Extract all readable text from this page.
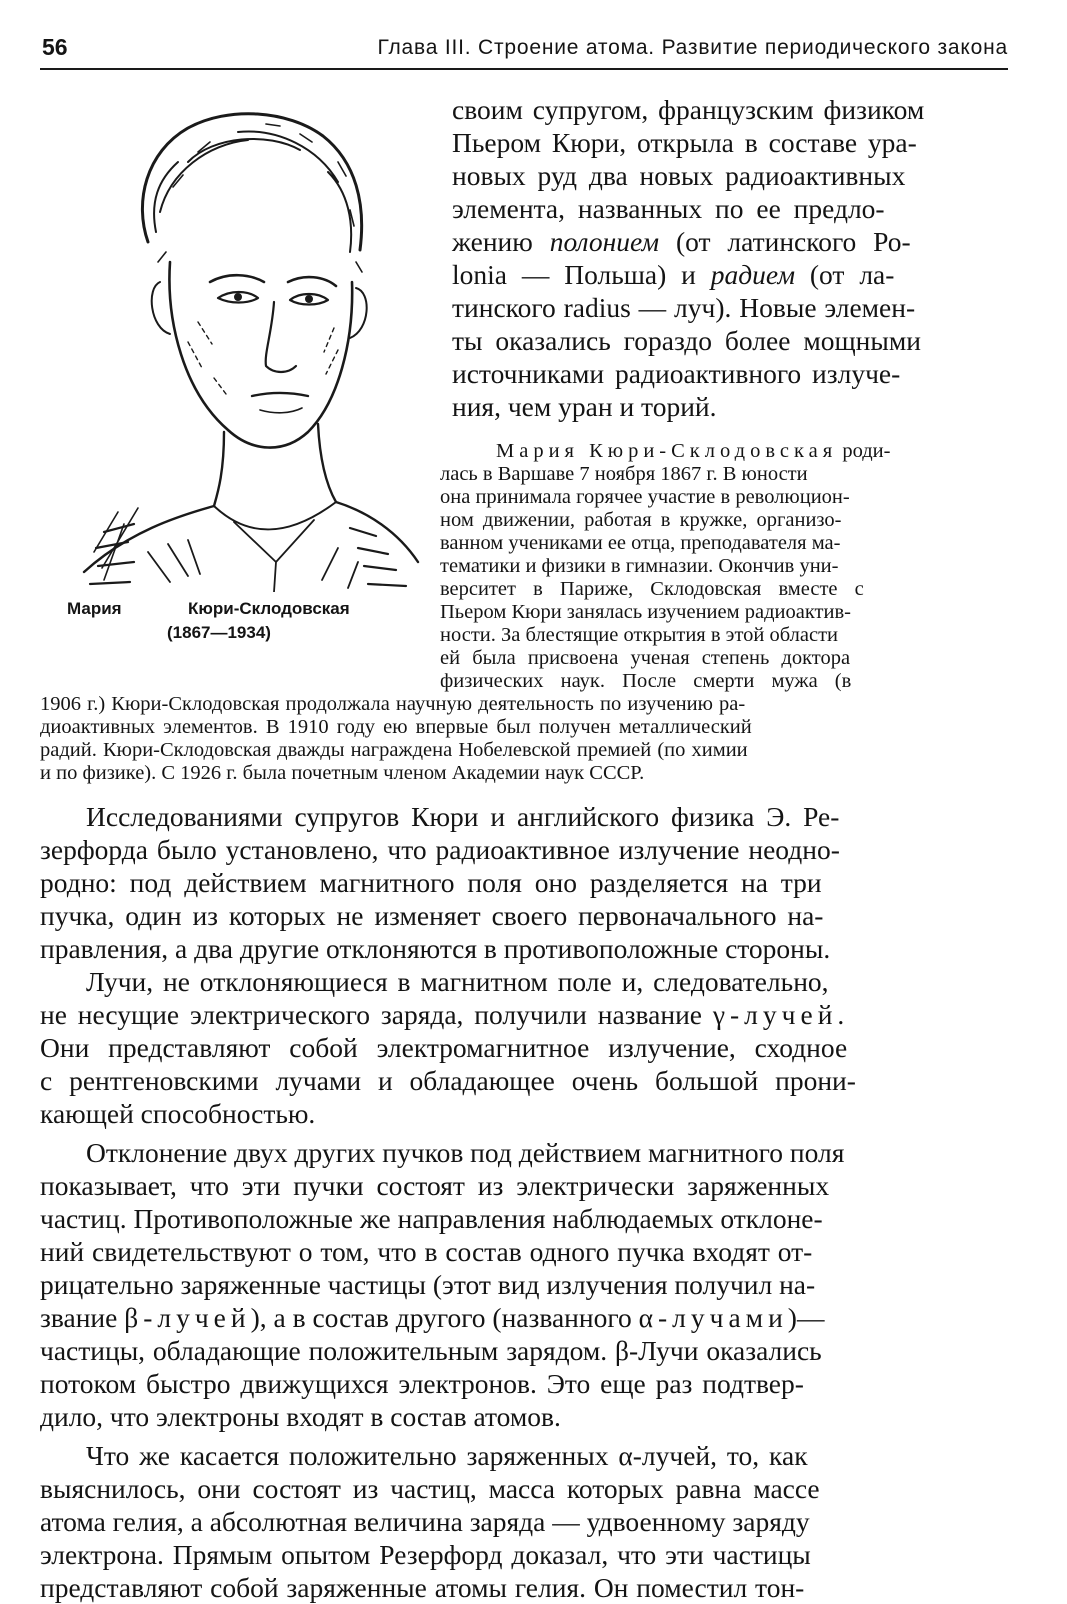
56	Глава III. Строение атома. Развитие периодического закона
Мария	Кюри-Склодовская
(1867—1934)
своим супругом, французским физиком
Пьером Кюри, открыла в составе ура-
новых руд два новых радиоактивных
элемента, названных по ее предло-
жению полонием (от латинского Ро-
lonia — Польша) и радием (от ла-
тинского radius — луч). Новые элемен-
ты оказались гораздо более мощными
источниками радиоактивного излуче-
ния, чем уран и торий.
Мария Кюри-Склодовская роди-
лась в Варшаве 7 ноября 1867 г. В юности
она принимала горячее участие в революцион-
ном движении, работая в кружке, организо-
ванном учениками ее отца, преподавателя ма-
тематики и физики в гимназии. Окончив уни-
верситет в Париже, Склодовская вместе с
Пьером Кюри занялась изучением радиоактив-
ности. За блестящие открытия в этой области
ей была присвоена ученая степень доктора
физических наук. После смерти мужа (в
1906 г.) Кюри-Склодовская продолжала научную деятельность по изучению ра-
диоактивных элементов. В 1910 году ею впервые был получен металлический
радий. Кюри-Склодовская дважды награждена Нобелевской премией (по химии
и по физике). С 1926 г. была почетным членом Академии наук СССР.
Исследованиями супругов Кюри и английского физика Э. Ре-
зерфорда было установлено, что радиоактивное излучение неодно-
родно: под действием магнитного поля оно разделяется на три
пучка, один из которых не изменяет своего первоначального на-
правления, а два другие отклоняются в противоположные стороны.
Лучи, не отклоняющиеся в магнитном поле и, следовательно,
не несущие электрического заряда, получили название γ-лучей.
Они представляют собой электромагнитное излучение, сходное
с рентгеновскими лучами и обладающее очень большой прони-
кающей способностью.
Отклонение двух других пучков под действием магнитного поля
показывает, что эти пучки состоят из электрически заряженных
частиц. Противоположные же направления наблюдаемых отклоне-
ний свидетельствуют о том, что в состав одного пучка входят от-
рицательно заряженные частицы (этот вид излучения получил на-
звание β-лучей), а в состав другого (названного α-лучами)—
частицы, обладающие положительным зарядом. β-Лучи оказались
потоком быстро движущихся электронов. Это еще раз подтвер-
дило, что электроны входят в состав атомов.
Что же касается положительно заряженных α-лучей, то, как
выяснилось, они состоят из частиц, масса которых равна массе
атома гелия, а абсолютная величина заряда — удвоенному заряду
электрона. Прямым опытом Резерфорд доказал, что эти частицы
представляют собой заряженные атомы гелия. Он поместил тон-
